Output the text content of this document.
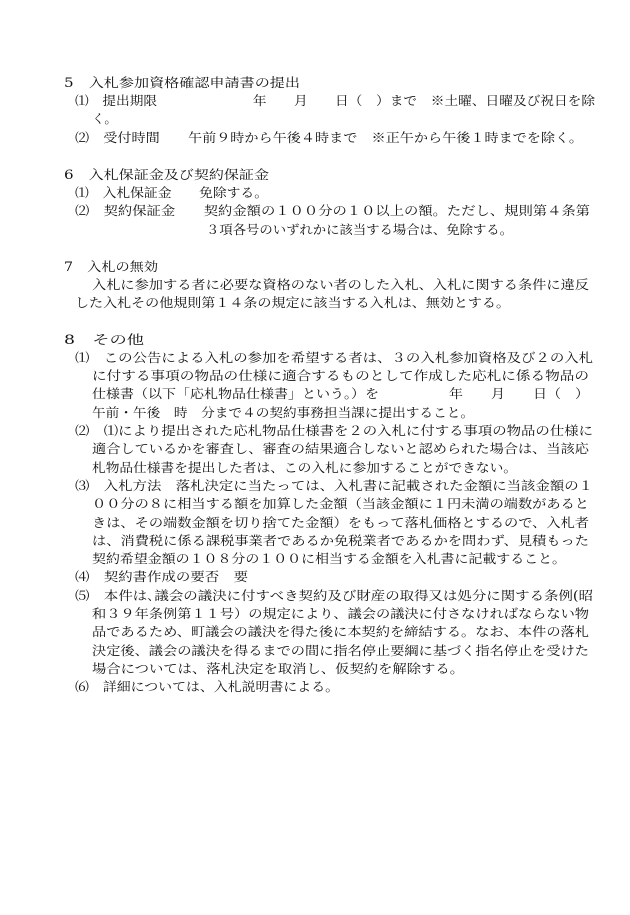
5　入札参加資格確認申請書の提出
⑴　提出期限　　　　　　　年　　月　　日（　）まで　※土曜、日曜及び祝日を除
く。
⑵　受付時間　　午前９時から午後４時まで　※正午から午後１時までを除く。
6　入札保証金及び契約保証金
⑴　入札保証金　　免除する。
⑵　契約保証金　　契約金額の１００分の１０以上の額。ただし、規則第４条第
３項各号のいずれかに該当する場合は、免除する。
7　入札の無効
入札に参加する者に必要な資格のない者のした入札、入札に関する条件に違反
した入札その他規則第１４条の規定に該当する入札は、無効とする。
8　その他
⑴　この公告による入札の参加を希望する者は、３の入札参加資格及び２の入札
に付する事項の物品の仕様に適合するものとして作成した応札に係る物品の
仕様書（以下「応札物品仕様書」という。）を　　　　　年　　月　　日（　）
午前・午後　時　分まで４の契約事務担当課に提出すること。
⑵　⑴により提出された応札物品仕様書を２の入札に付する事項の物品の仕様に
適合しているかを審査し、審査の結果適合しないと認められた場合は、当該応
札物品仕様書を提出した者は、この入札に参加することができない。
⑶　入札方法　落札決定に当たっては、入札書に記載された金額に当該金額の１
００分の８に相当する額を加算した金額（当該金額に１円未満の端数があると
きは、その端数金額を切り捨てた金額）をもって落札価格とするので、入札者
は、消費税に係る課税事業者であるか免税業者であるかを問わず、見積もった
契約希望金額の１０８分の１００に相当する金額を入札書に記載すること。
⑷　契約書作成の要否　要
⑸　本件は､議会の議決に付すべき契約及び財産の取得又は処分に関する条例(昭
和３９年条例第１１号）の規定により、議会の議決に付さなければならない物
品であるため、町議会の議決を得た後に本契約を締結する。なお、本件の落札
決定後、議会の議決を得るまでの間に指名停止要綱に基づく指名停止を受けた
場合については、落札決定を取消し、仮契約を解除する。
⑹　詳細については、入札説明書による。
